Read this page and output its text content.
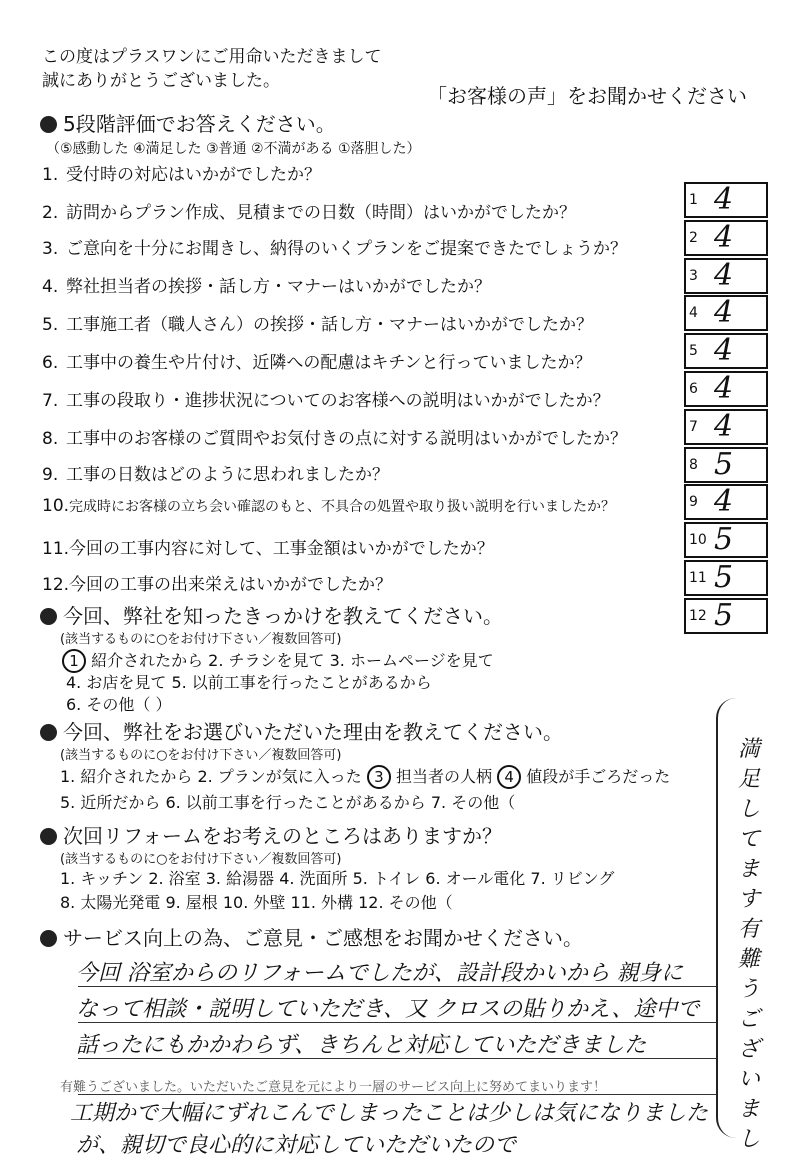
この度はプラスワンにご用命いただきまして
誠にありがとうございました。
「お客様の声」をお聞かせください
5段階評価でお答えください。
（⑤感動した ④満足した ③普通 ②不満がある ①落胆した）
1. 受付時の対応はいかがでしたか？
2. 訪問からプラン作成、見積までの日数（時間）はいかがでしたか？
3. ご意向を十分にお聞きし、納得のいくプランをご提案できたでしょうか？
4. 弊社担当者の挨拶・話し方・マナーはいかがでしたか？
5. 工事施工者（職人さん）の挨拶・話し方・マナーはいかがでしたか？
6. 工事中の養生や片付け、近隣への配慮はキチンと行っていましたか？
7. 工事の段取り・進捗状況についてのお客様への説明はいかがでしたか？
8. 工事中のお客様のご質問やお気付きの点に対する説明はいかがでしたか？
9. 工事の日数はどのように思われましたか？
10.完成時にお客様の立ち会い確認のもと、不具合の処置や取り扱い説明を行いましたか？
11.今回の工事内容に対して、工事金額はいかがでしたか？
12.今回の工事の出来栄えはいかがでしたか？
1 4
2 4
3 4
4 4
5 4
6 4
7 4
8 5
9 4
10 5
11 5
12 5
今回、弊社を知ったきっかけを教えてください。
(該当するものに○をお付け下さい／複数回答可)
1 紹介されたから 2. チラシを見て 3. ホームページを見て
4. お店を見て 5. 以前工事を行ったことがあるから
6. その他（ ）
今回、弊社をお選びいただいた理由を教えてください。
(該当するものに○をお付け下さい／複数回答可)
1. 紹介されたから 2. プランが気に入った 3 担当者の人柄 4 値段が手ごろだった
5. 近所だから 6. 以前工事を行ったことがあるから 7. その他（
次回リフォームをお考えのところはありますか？
(該当するものに○をお付け下さい／複数回答可)
1. キッチン 2. 浴室 3. 給湯器 4. 洗面所 5. トイレ 6. オール電化 7. リビング
8. 太陽光発電 9. 屋根 10. 外壁 11. 外構 12. その他（
サービス向上の為、ご意見・ご感想をお聞かせください。
今回 浴室からのリフォームでしたが、設計段かいから 親身に
なって相談・説明していただき、又 クロスの貼りかえ、途中で
話ったにもかかわらず、きちんと対応していただきました
有難うございました。いただいたご意見を元により一層のサービス向上に努めてまいります！
工期かで大幅にずれこんでしまったことは少しは気になりました
が、親切で良心的に対応していただいたので
満
足
し
て
ま
す
有
難
う
ご
ざ
い
ま
し
